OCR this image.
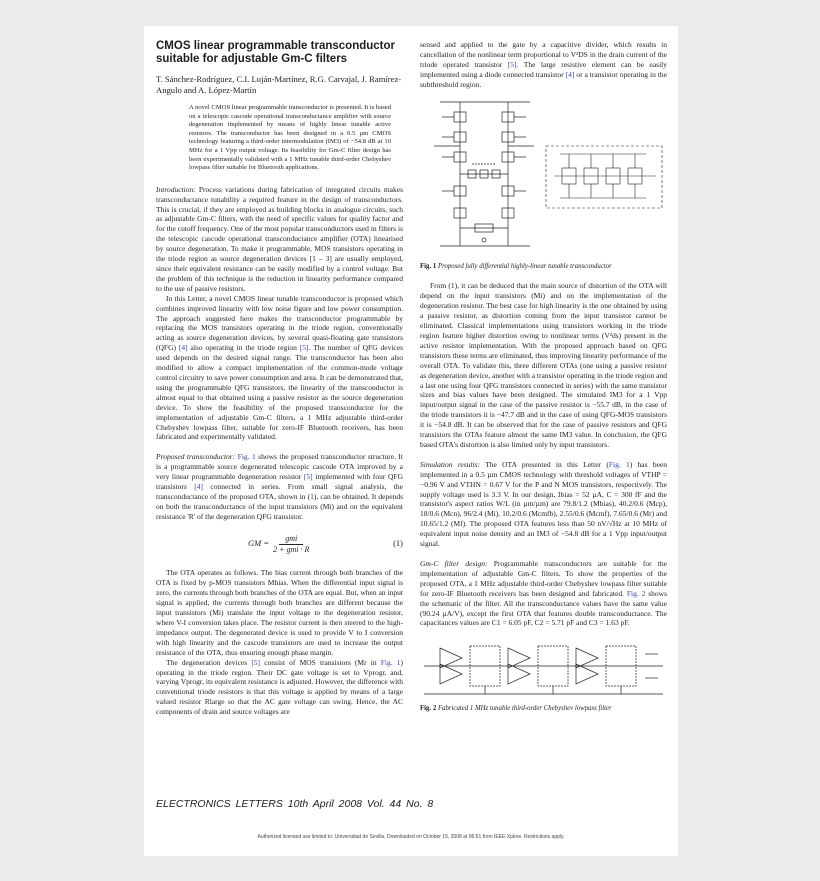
CMOS linear programmable transconductor suitable for adjustable Gm-C filters
T. Sánchez-Rodríguez, C.I. Luján-Martínez, R.G. Carvajal, J. Ramírez-Angulo and A. López-Martín
A novel CMOS linear programmable transconductor is presented. It is based on a telescopic cascode operational transconductance amplifier with source degeneration implemented by means of highly linear tunable active resistors. The transconductor has been designed in a 0.5 µm CMOS technology featuring a third-order intermodulation (IM3) of −54.8 dB at 10 MHz for a 1 Vpp output voltage. Its feasibility for Gm-C filter design has been experimentally validated with a 1 MHz tunable third-order Chebyshev lowpass filter suitable for Bluetooth applications.

Introduction: Process variations during fabrication of integrated circuits makes transconductance tunability a required feature in the design of transconductors. This is crucial, if they are employed as building blocks in analogue circuits, such as adjustable Gm-C filters, with the need of specific values for quality factor and for the cutoff frequency. One of the most popular transconductors used in filters is the telescopic cascode operational transconductance amplifier (OTA) linearised by source degeneration. To make it programmable, MOS transistors operating in the triode region as source degeneration devices [1 – 3] are usually employed, since their equivalent resistance can be easily modified by a control voltage. But the problem of this technique is the reduction in linearity performance compared to the use of passive resistors.

In this Letter, a novel CMOS linear tunable transconductor is proposed which combines improved linearity with low noise figure and low power consumption. The approach suggested here makes the transconductor programmable by replacing the MOS transistors operating in the triode region, conventionally acting as source degeneration devices, by several quasi-floating gate transistors (QFG) [4] also operating in the triode region [5]. The number of QFG devices used depends on the desired signal range. The transconductor has been also modified to allow a compact implementation of the common-mode voltage control circuitry to save power consumption and area. It can be demonstrated that, using the programmable QFG transistors, the linearity of the transconductor is almost equal to that obtained using a passive resistor as the source degeneration device. To show the feasibility of the proposed transconductor for the implementation of adjustable Gm-C filters, a 1 MHz adjustable third-order Chebyshev lowpass filter, suitable for zero-IF Bluetooth receivers, has been fabricated and experimentally validated.

Proposed transconductor: Fig. 1 shows the proposed transconductor structure. It is a programmable source degenerated telescopic cascode OTA improved by a very linear programmable degeneration resistor [5] implemented with four QFG transistors [4] connected in series. From small signal analysis, the transconductance of the proposed OTA, shown in (1), can be obtained. It depends on both the transconductance of the input transistors (Mi) and on the equivalent resistance 'R' of the degeneration QFG transistor.

GM = $\frac{\text{gmi}}{\text{2 + gmi · R}}$	(1)

The OTA operates as follows. The bias current through both branches of the OTA is fixed by p-MOS transistors Mbias. When the differential input signal is zero, the currents through both branches of the OTA are equal. But, when an input signal is applied, the currents through both branches are different because the input transistors (Mi) translate the input voltage to the degeneration resistor, where V-I conversion takes place. The resistor current is then steered to the high-impedance output. The degenerated device is used to provide V to I conversion with high linearity and the cascode transistors are used to increase the output resistance of the OTA, thus ensuring enough phase margin.

The degeneration devices [5] consist of MOS transistors (Mr in Fig. 1) operating in the triode region. Their DC gate voltage is set to Vprogr, and, varying Vprogr, its equivalent resistance is adjusted. However, the difference with conventional triode resistors is that this voltage is applied by means of a large valued resistor Rlarge so that the AC gate voltage can swing. Hence, the AC components of drain and source voltages are

sensed and applied to the gate by a capacitive divider, which results in cancellation of the nonlinear term proportional to V²DS in the drain current of the triode operated transistor [5]. The large resistive element can be easily implemented using a diode connected transistor [4] or a transistor operating in the subthreshold region.

Fig. 1 Proposed fully differential highly-linear tunable transconductor

From (1), it can be deduced that the main source of distortion of the OTA will depend on the input transistors (Mi) and on the implementation of the degeneration resistor. The best case for high linearity is the one obtained by using a passive resistor, as distortion coming from the input transistor cannot be eliminated. Classical implementations using transistors working in the triode region feature higher distortion owing to nonlinear terms (V²ds) present in the active resistor implementation. With the proposed approach based on QFG transistors these terms are eliminated, thus improving linearity performance of the overall OTA. To validate this, three different OTAs (one using a passive resistor as degeneration device, another with a transistor operating in the triode region and a last one using four QFG transistors connected in series) with the same transistor sizes and bias values have been designed. The simulated IM3 for a 1 Vpp input/output signal in the case of the passive resistor is −55.7 dB, in the case of the triode transistors it is −47.7 dB and in the case of using QFG-MOS transistors it is −54.8 dB. It can be observed that for the case of passive resistors and QFG transistors the OTAs feature almost the same IM3 value. In conclusion, the QFG based OTA's distortion is also limited only by input transistors.

Simulation results: The OTA presented in this Letter (Fig. 1) has been implemented in a 0.5 µm CMOS technology with threshold voltages of VTHP = −0.96 V and VTHN = 0.67 V for the P and N MOS transistors, respectively. The supply voltage used is 3.3 V. In our design, Ibias = 52 µA, C = 300 fF and the transistor's aspect ratios W/L (in µm/µm) are 79.8/1.2 (Mbias), 40.2/0.6 (Mcp), 18/0.6 (Mcn), 96/2.4 (Mi), 10.2/0.6 (Mcmfb), 2.55/0.6 (Mcmf), 7.65/0.6 (Mr) and 10.65/1.2 (Mf). The proposed OTA features less than 50 nV/√Hz at 10 MHz of equivalent input noise density and an IM3 of −54.8 dB for a 1 Vpp input/output signal.

Gm-C filter design: Programmable transconductors are suitable for the implementation of adjustable Gm-C filters. To show the properties of the proposed OTA, a 1 MHz adjustable third-order Chebyshev lowpass filter suitable for zero-IF Bluetooth receivers has been designed and fabricated. Fig. 2 shows the schematic of the filter. All the transconductance values have the same value (90.24 µA/V), except the first OTA that features double transconductance. The capacitances values are C1 = 6.05 pF, C2 = 5.71 pF and C3 = 1.63 pF.

Fig. 2 Fabricated 1 MHz tunable third-order Chebyshev lowpass filter
ELECTRONICS LETTERS 10th April 2008 Vol. 44 No. 8
Authorized licensed use limited to: Universidad de Sevilla. Downloaded on October 15, 2008 at 06:51 from IEEE Xplore. Restrictions apply.
